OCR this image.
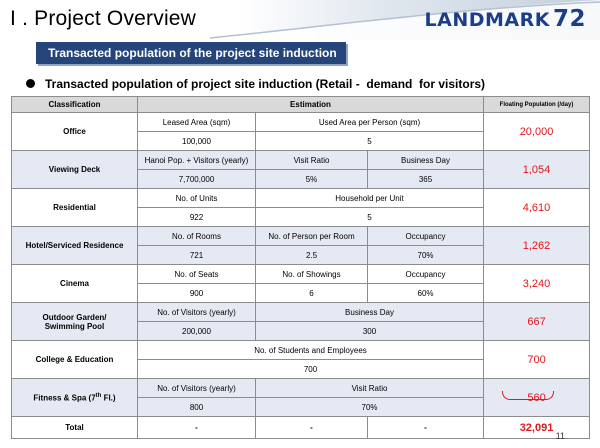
I . Project Overview	LANDMARK 72
Transacted population of the project site induction
Transacted population of project site induction (Retail -  demand  for visitors)
Classification	Estimation			Floating Population (/day)
Office	Leased Area (sqm)	Used Area per Person (sqm)		20,000
	100,000	5		
Viewing Deck	Hanoi Pop. + Visitors (yearly)	Visit Ratio	Business Day	1,054
	7,700,000	5%	365	
Residential	No. of Units	Household per Unit		4,610
	922	5		
Hotel/Serviced Residence	No. of Rooms	No. of Person per Room	Occupancy	1,262
	721	2.5	70%	
Cinema	No. of Seats	No. of Showings	Occupancy	3,240
	900	6	60%	
Outdoor Garden/
Swimming Pool	No. of Visitors (yearly)	Business Day		667
	200,000	300		
College & Education	No. of Students and Employees			700
	700			
Fitness & Spa (7th Fl.)	No. of Visitors (yearly)	Visit Ratio		560
	800	70%		
Total	-	-	-	32,091
11
